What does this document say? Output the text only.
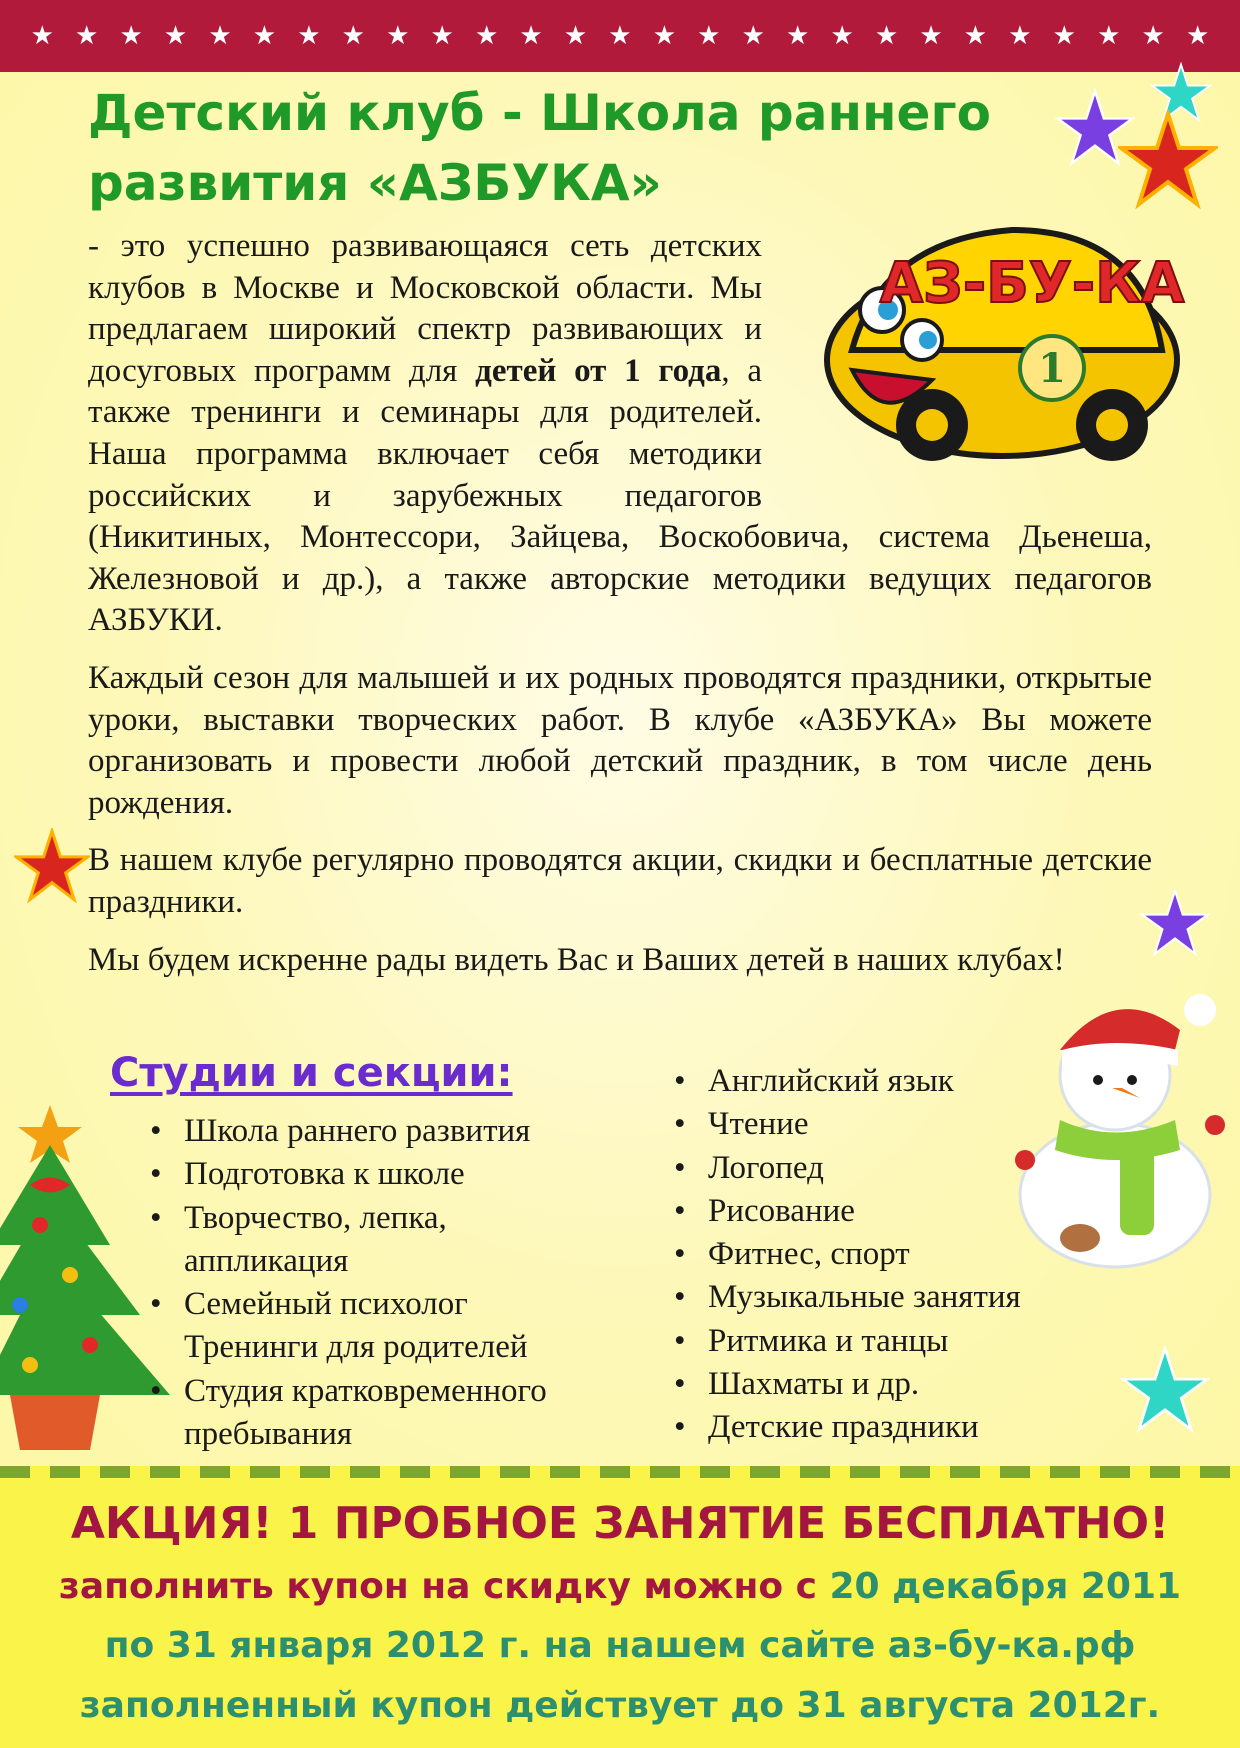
★ ★ ★ ★ ★ ★ ★ ★ ★ ★ ★ ★ ★ ★ ★ ★ ★ ★ ★ ★ ★ ★ ★ ★ ★ ★ ★
Детский клуб - Школа раннего
развития «АЗБУКА»
1
АЗ-БУ-КА

- это успешно развивающаяся сеть детских клубов в Москве и Московской области. Мы предлагаем широкий спектр развивающих и досуговых программ для детей от 1 года, а также тренинги и семинары для родителей. Наша программа включает себя методики российских и зарубежных педагогов (Никитиных, Монтессори, Зайцева, Воскобовича, система Дьенеша, Железновой и др.), а также авторские методики ведущих педагогов АЗБУКИ.

Каждый сезон для малышей и их родных проводятся праздники, открытые уроки, выставки творческих работ. В клубе «АЗБУКА» Вы можете организовать и провести любой детский праздник, в том числе день рождения.

В нашем клубе регулярно проводятся акции, скидки и бесплатные детские праздники.

Мы будем искренне рады видеть Вас и Ваших детей в наших клубах!

Студии и секции:
• Школа раннего развития
• Подготовка к школе
• Творчество, лепка,
аппликация
• Семейный психолог
Тренинги для родителей
• Студия кратковременного
пребывания
• Английский язык
• Чтение
• Логопед
• Рисование
• Фитнес, спорт
• Музыкальные занятия
• Ритмика и танцы
• Шахматы и др.
• Детские праздники
АКЦИЯ! 1 ПРОБНОЕ ЗАНЯТИЕ БЕСПЛАТНО!
заполнить купон на скидку можно с 20 декабря 2011
по 31 января 2012 г. на нашем сайте аз-бу-ка.рф
заполненный купон действует до 31 августа 2012г.
